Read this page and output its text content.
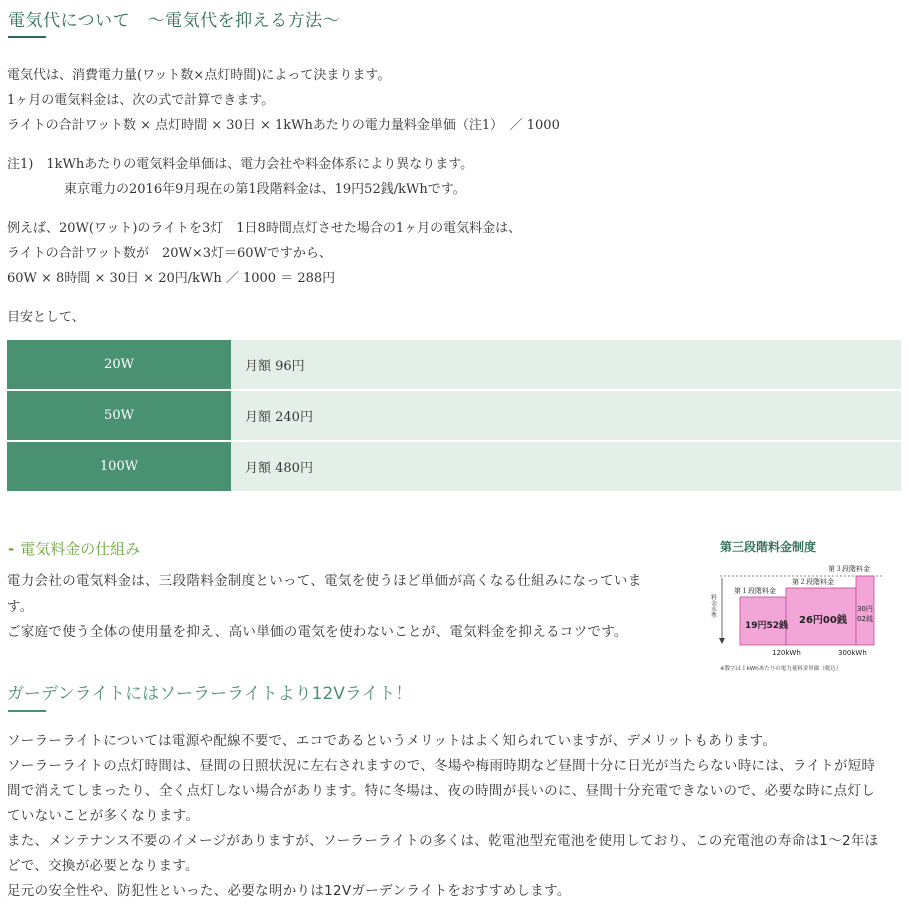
電気代について　～電気代を抑える方法～
電気代は、消費電力量(ワット数×点灯時間)によって決まります。
1ヶ月の電気料金は、次の式で計算できます。
ライトの合計ワット数 × 点灯時間 × 30日 × 1kWhあたりの電力量料金単価（注1）　／ 1000
注1)　1kWhあたりの電気料金単価は、電力会社や料金体系により異なります。
東京電力の2016年9月現在の第1段階料金は、19円52銭/kWhです。
例えば、20W(ワット)のライトを3灯　1日8時間点灯させた場合の1ヶ月の電気料金は、
ライトの合計ワット数が　20W×3灯＝60Wですから、
60W × 8時間 × 30日 × 20円/kWh ／ 1000 ＝ 288円
目安として、
20W	月額 96円
50W	月額 240円
100W	月額 480円
- 電気料金の仕組み
電力会社の電気料金は、三段階料金制度といって、電気を使うほど単価が高くなる仕組みになっていま
す。
ご家庭で使う全体の使用量を抑え、高い単価の電気を使わないことが、電気料金を抑えるコツです。
第三段階料金制度
料金水準
第１段階料金
第２段階料金
第３段階料金
19円52銭 26円00銭
30円
02銭
120kWh	300kWh
※数字は１kWhあたりの電力量料金単価（税込）
ガーデンライトにはソーラーライトより12Vライト！
ソーラーライトについては電源や配線不要で、エコであるというメリットはよく知られていますが、デメリットもあります。
ソーラーライトの点灯時間は、昼間の日照状況に左右されますので、冬場や梅雨時期など昼間十分に日光が当たらない時には、ライトが短時
間で消えてしまったり、全く点灯しない場合があります。特に冬場は、夜の時間が長いのに、昼間十分充電できないので、必要な時に点灯し
ていないことが多くなります。
また、メンテナンス不要のイメージがありますが、ソーラーライトの多くは、乾電池型充電池を使用しており、この充電池の寿命は1～2年ほ
どで、交換が必要となります。
足元の安全性や、防犯性といった、必要な明かりは12Vガーデンライトをおすすめします。
